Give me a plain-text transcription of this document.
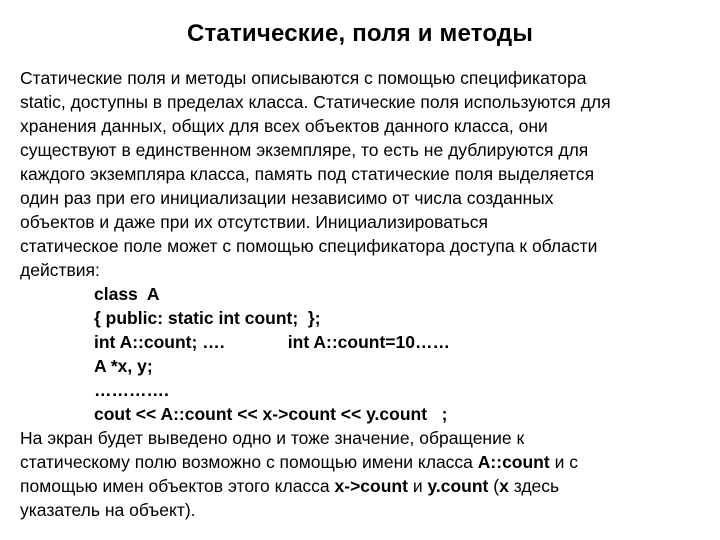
Статические, поля и методы
Статические поля и методы описываются с помощью спецификатора
static, доступны в пределах класса. Статические поля используются для
хранения данных, общих для всех объектов данного класса, они
существуют в единственном экземпляре, то есть не дублируются для
каждого экземпляра класса, память под статические поля выделяется
один раз при его инициализации независимо от числа созданных
объектов и даже при их отсутствии. Инициализироваться
статическое поле может с помощью спецификатора доступа к области
действия:
class  A
{ public: static int count;  };
int A::count; ….             int A::count=10……
A *x, y;
………….
cout << A::count << x->count << y.count   ;
На экран будет выведено одно и тоже значение, обращение к
статическому полю возможно с помощью имени класса A::count и с
помощью имен объектов этого класса x->count и y.count (x здесь
указатель на объект).
